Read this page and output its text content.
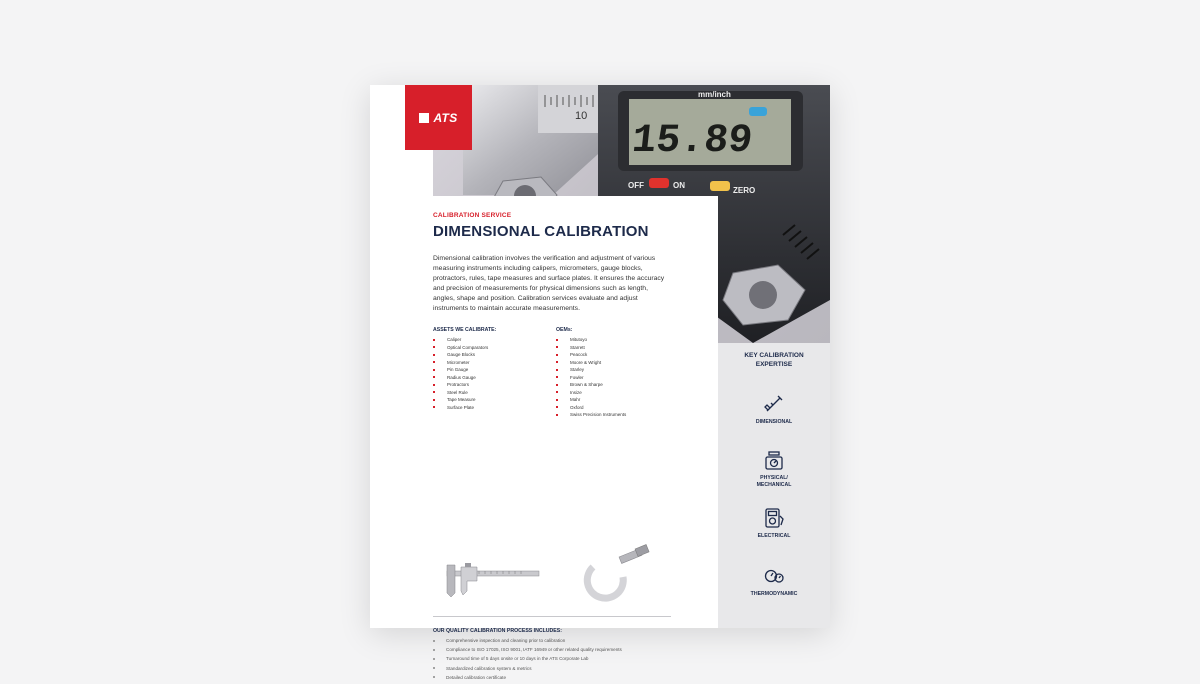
10
15.89
mm/inch
OFF	ON
ZERO
ATS
CALIBRATION SERVICE
DIMENSIONAL CALIBRATION

Dimensional calibration involves the verification and adjustment of various measuring instruments including calipers, micrometers, gauge blocks, protractors, rules, tape measures and surface plates. It ensures the accuracy and precision of measurements for physical dimensions such as length, angles, shape and position. Calibration services evaluate and adjust instruments to maintain accurate measurements.

ASSETS WE CALIBRATE:
Caliper
Optical Comparators
Gauge Blocks
Micrometer
Pin Gauge
Radius Gauge
Protractors
Steel Rule
Tape Measure
Surface Plate
OEMs:
Mitutoyo
Starrett
Peacock
Moore & Wright
Starley
Fowler
Brown & Sharpe
Insize
Mahr
Oxford
Swiss Precision Instruments
OUR QUALITY CALIBRATION PROCESS INCLUDES:
Comprehensive inspection and cleaning prior to calibration
Compliance to ISO 17025, ISO 9001, IATF 16949 or other related quality requirements
Turnaround time of 5 days onsite or 10 days in the ATS Corporate Lab
Standardized calibration system & metrics
Detailed calibration certificate
KEY CALIBRATION
EXPERTISE
DIMENSIONAL
PHYSICAL/
MECHANICAL
ELECTRICAL
THERMODYNAMIC
